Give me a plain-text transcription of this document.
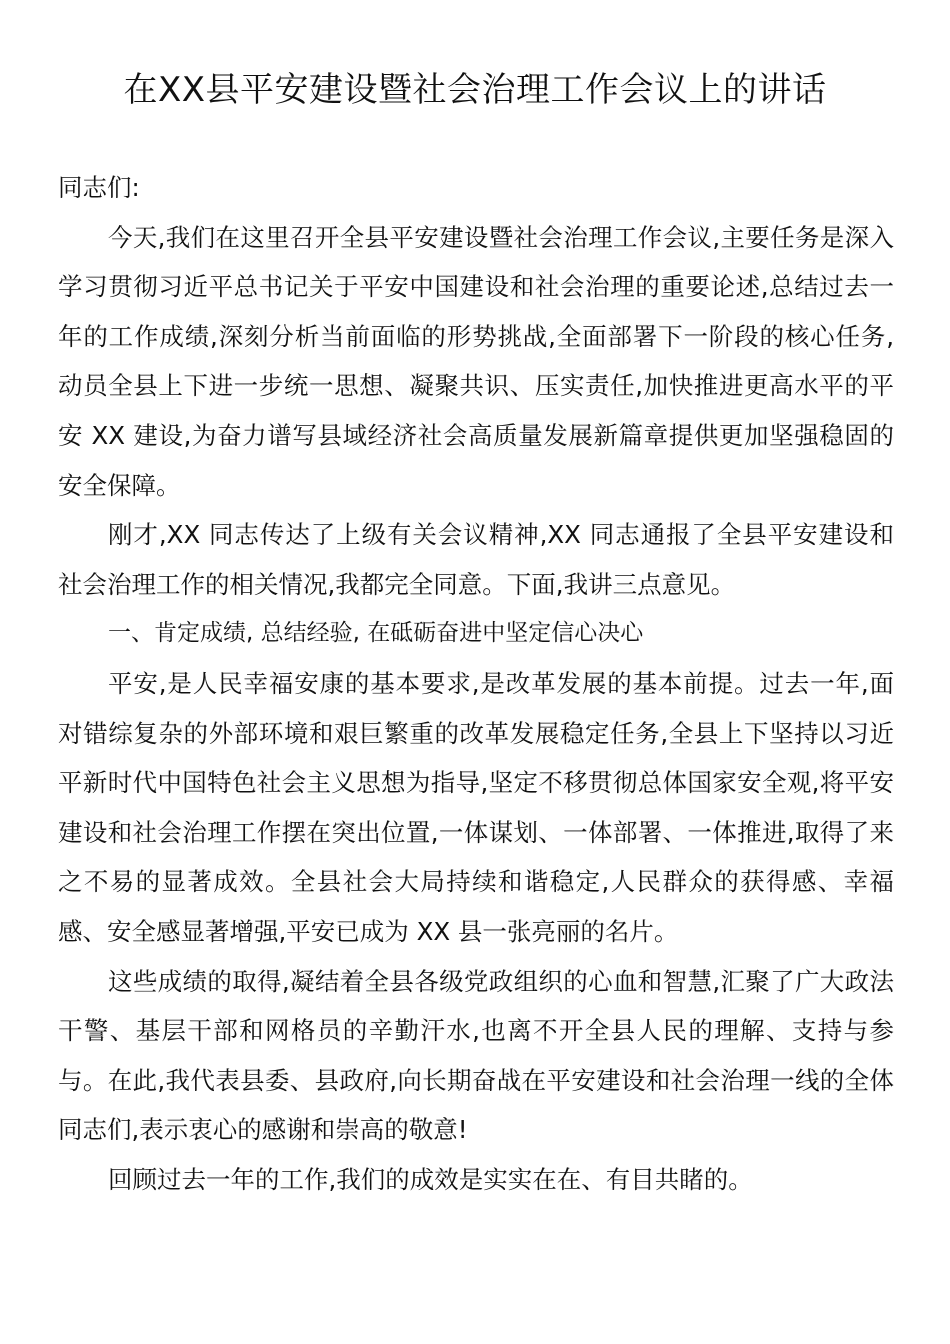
在XX县平安建设暨社会治理工作会议上的讲话
同志们:
今天,我们在这里召开全县平安建设暨社会治理工作会议,主要任务是深入
学习贯彻习近平总书记关于平安中国建设和社会治理的重要论述,总结过去一
年的工作成绩,深刻分析当前面临的形势挑战,全面部署下一阶段的核心任务,
动员全县上下进一步统一思想、凝聚共识、压实责任,加快推进更高水平的平
安 XX 建设,为奋力谱写县域经济社会高质量发展新篇章提供更加坚强稳固的
安全保障。
刚才,XX 同志传达了上级有关会议精神,XX 同志通报了全县平安建设和
社会治理工作的相关情况,我都完全同意。下面,我讲三点意见。
一、肯定成绩, 总结经验, 在砥砺奋进中坚定信心决心
平安,是人民幸福安康的基本要求,是改革发展的基本前提。过去一年,面
对错综复杂的外部环境和艰巨繁重的改革发展稳定任务,全县上下坚持以习近
平新时代中国特色社会主义思想为指导,坚定不移贯彻总体国家安全观,将平安
建设和社会治理工作摆在突出位置,一体谋划、一体部署、一体推进,取得了来
之不易的显著成效。全县社会大局持续和谐稳定,人民群众的获得感、幸福
感、安全感显著增强,平安已成为 XX 县一张亮丽的名片。
这些成绩的取得,凝结着全县各级党政组织的心血和智慧,汇聚了广大政法
干警、基层干部和网格员的辛勤汗水,也离不开全县人民的理解、支持与参
与。在此,我代表县委、县政府,向长期奋战在平安建设和社会治理一线的全体
同志们,表示衷心的感谢和崇高的敬意!
回顾过去一年的工作,我们的成效是实实在在、有目共睹的。
